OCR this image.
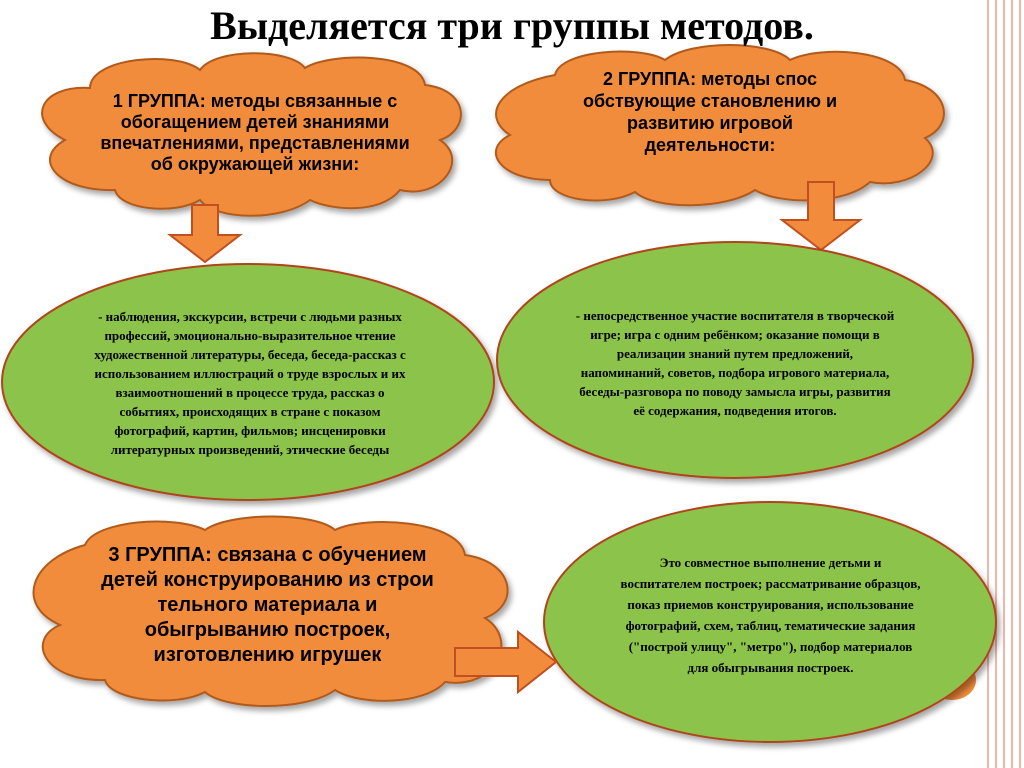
Выделяется три группы методов.
1 ГРУППА: методы связанные с обогащением детей знаниями впечатлениями, представлениями об окружающей жизни:
2 ГРУППА: методы спос обствующие становлению и развитию игровой деятельности:
3 ГРУППА: связана с обучением детей конструированию из строи тельного материала и обыгрыванию построек, изготовлению игрушек
- наблюдения, экскурсии, встречи с людьми разных профессий, эмоционально-выразительное чтение художественной литературы, беседа, беседа-рассказ с использованием иллюстраций о труде взрослых и их взаимоотношений в процессе труда, рассказ о событиях, происходящих в стране с показом фотографий, картин, фильмов; инсценировки литературных произведений, этические беседы
- непосредственное участие воспитателя в творческой игре; игра с одним ребёнком; оказание помощи в реализации знаний путем предложений, напоминаний, советов, подбора игрового материала, беседы-разговора по поводу замысла игры, развития её содержания, подведения итогов.
Это совместное выполнение детьми и воспитателем построек; рассматривание образцов, показ приемов конструирования, использование фотографий, схем, таблиц, тематические задания ("построй улицу", "метро"), подбор материалов для обыгрывания построек.
